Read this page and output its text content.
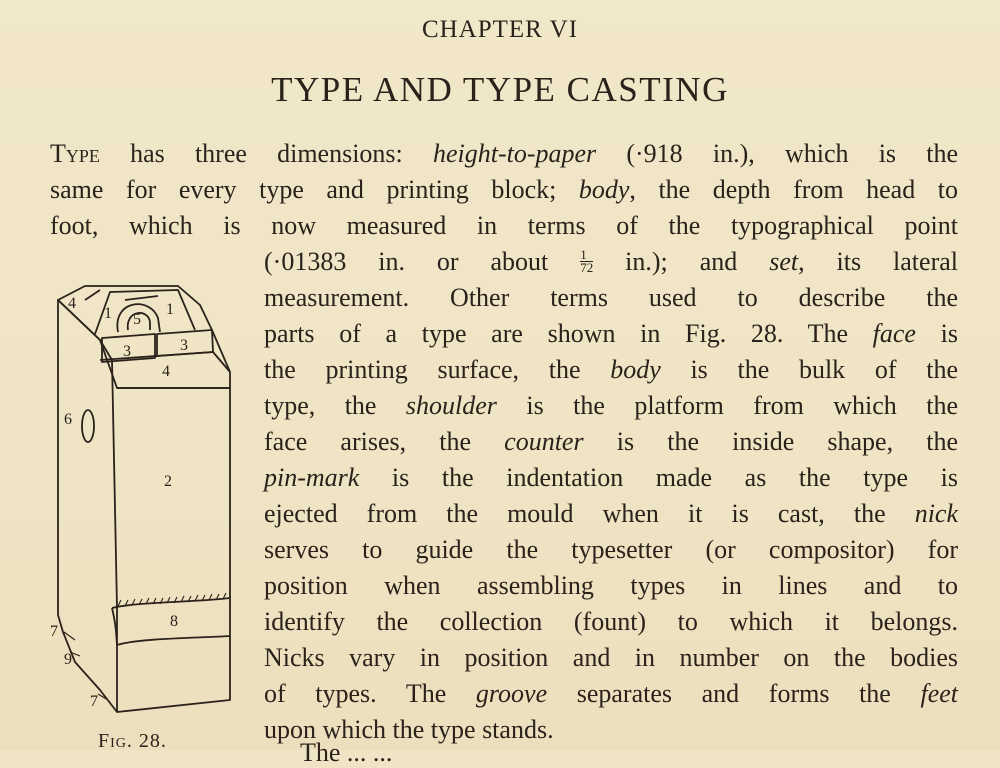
CHAPTER VI
TYPE AND TYPE CASTING
Type has three dimensions: height-to-paper (·918 in.), which is the
same for every type and printing block; body, the depth from head to
foot, which is now measured in terms of the typographical point
(·01383 in. or about $\frac{1}{72} in$.); and set, its lateral
measurement. Other terms used to describe the
parts of a type are shown in Fig. 28. The face is
the printing surface, the body is the bulk of the
type, the shoulder is the platform from which the
face arises, the counter is the inside shape, the
pin-mark is the indentation made as the type is
ejected from the mould when it is cast, the nick
serves to guide the typesetter (or compositor) for
position when assembling types in lines and to
identify the collection (fount) to which it belongs.
Nicks vary in position and in number on the bodies
of types. The groove separates and forms the feet
upon which the type stands.
4
1 5
1
3	3
4
6
2
8
7
9
7
Fig. 28.	The ... ...
